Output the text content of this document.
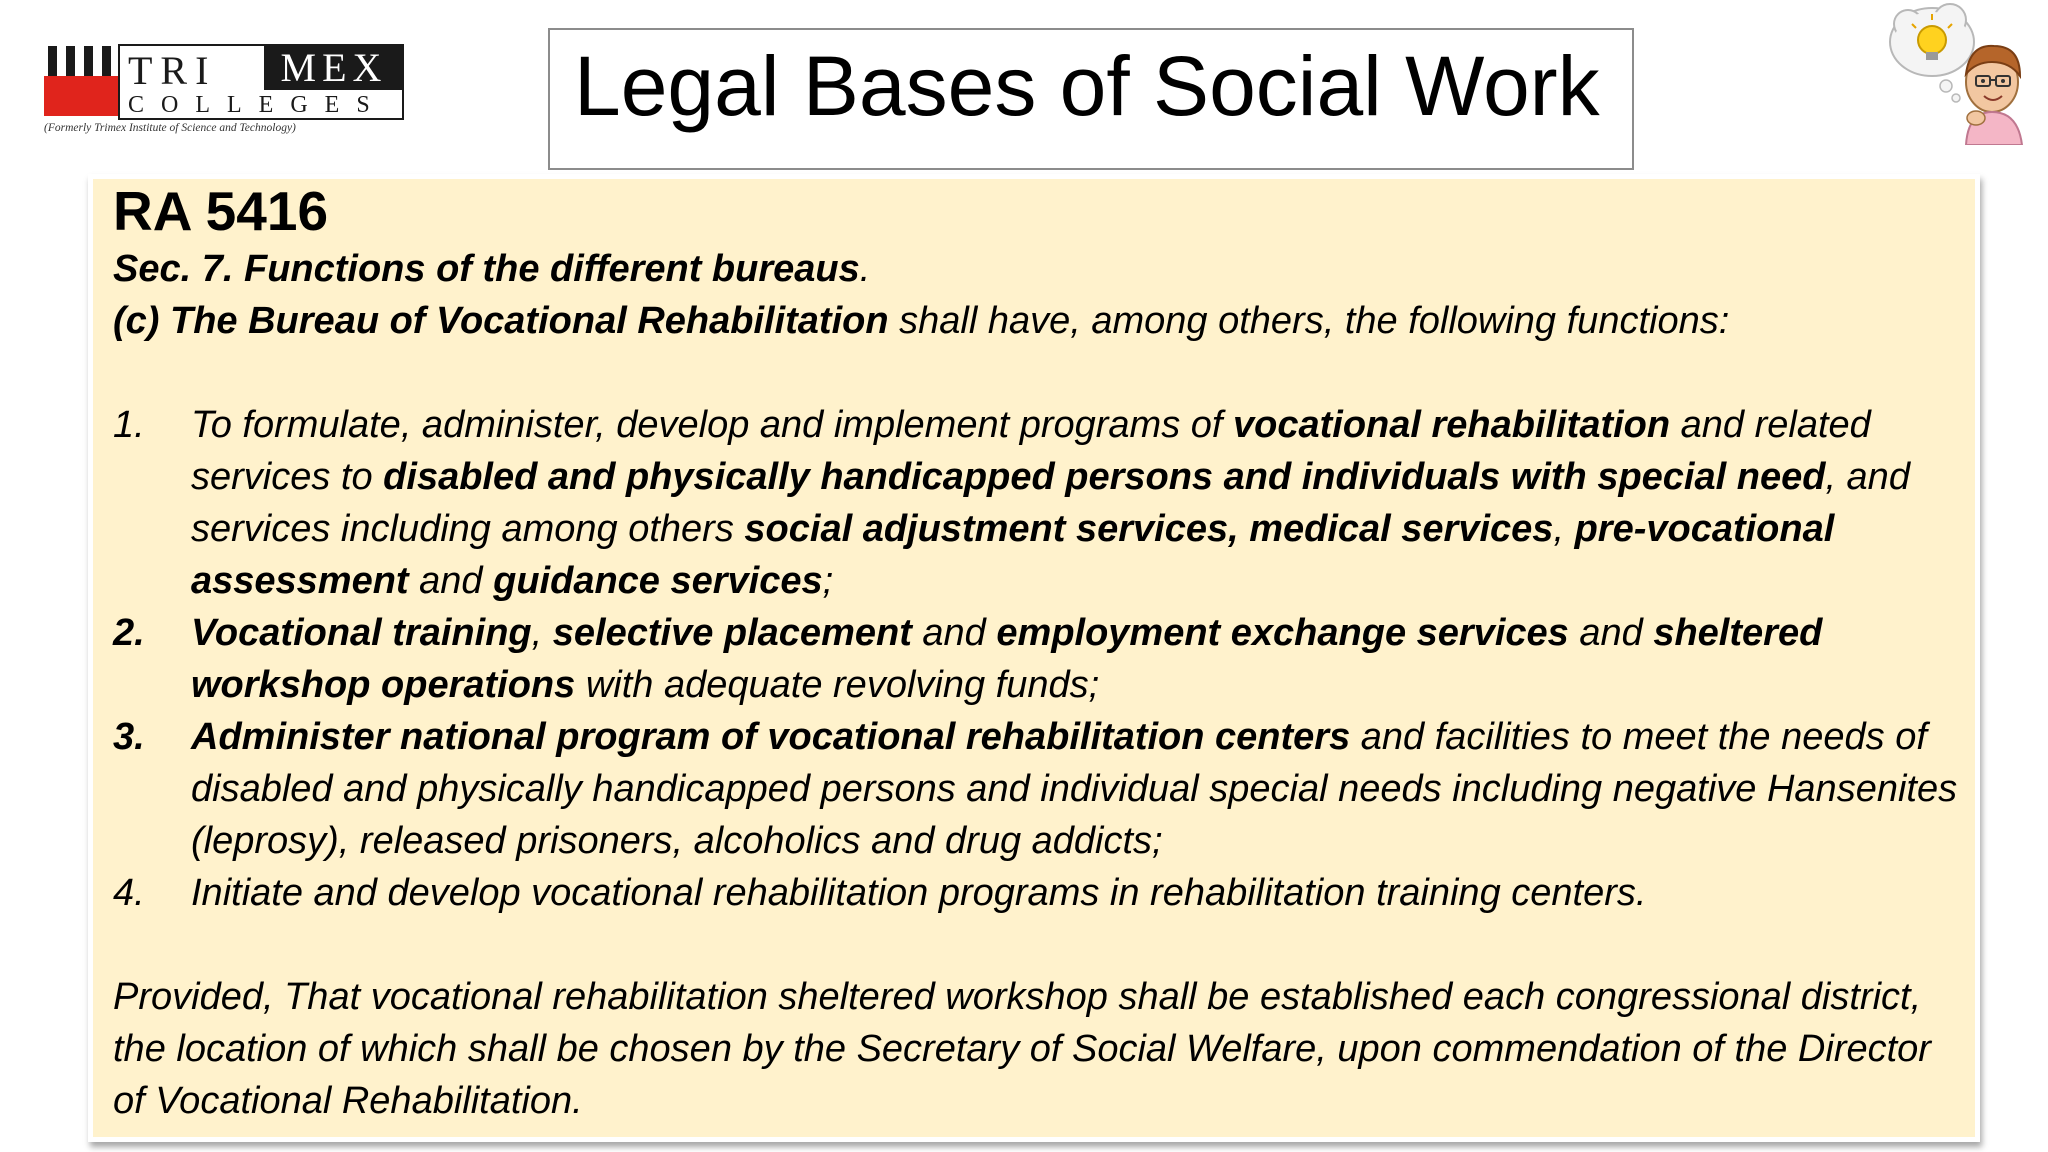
TRI	MEX
COLLEGES
(Formerly Trimex Institute of Science and Technology)	Legal Bases of Social Work

RA 5416

Sec. 7. Functions of the different bureaus.

(c) The Bureau of Vocational Rehabilitation shall have, among others, the following functions:

1. To formulate, administer, develop and implement programs of vocational rehabilitation and related services to disabled and physically handicapped persons and individuals with special need, and services including among others social adjustment services, medical services, pre-vocational assessment and guidance services;

2. Vocational training, selective placement and employment exchange services and sheltered workshop operations with adequate revolving funds;

3. Administer national program of vocational rehabilitation centers and facilities to meet the needs of disabled and physically handicapped persons and individual special needs including negative Hansenites (leprosy), released prisoners, alcoholics and drug addicts;

4. Initiate and develop vocational rehabilitation programs in rehabilitation training centers.

Provided, That vocational rehabilitation sheltered workshop shall be established each congressional district, the location of which shall be chosen by the Secretary of Social Welfare, upon commendation of the Director of Vocational Rehabilitation.
